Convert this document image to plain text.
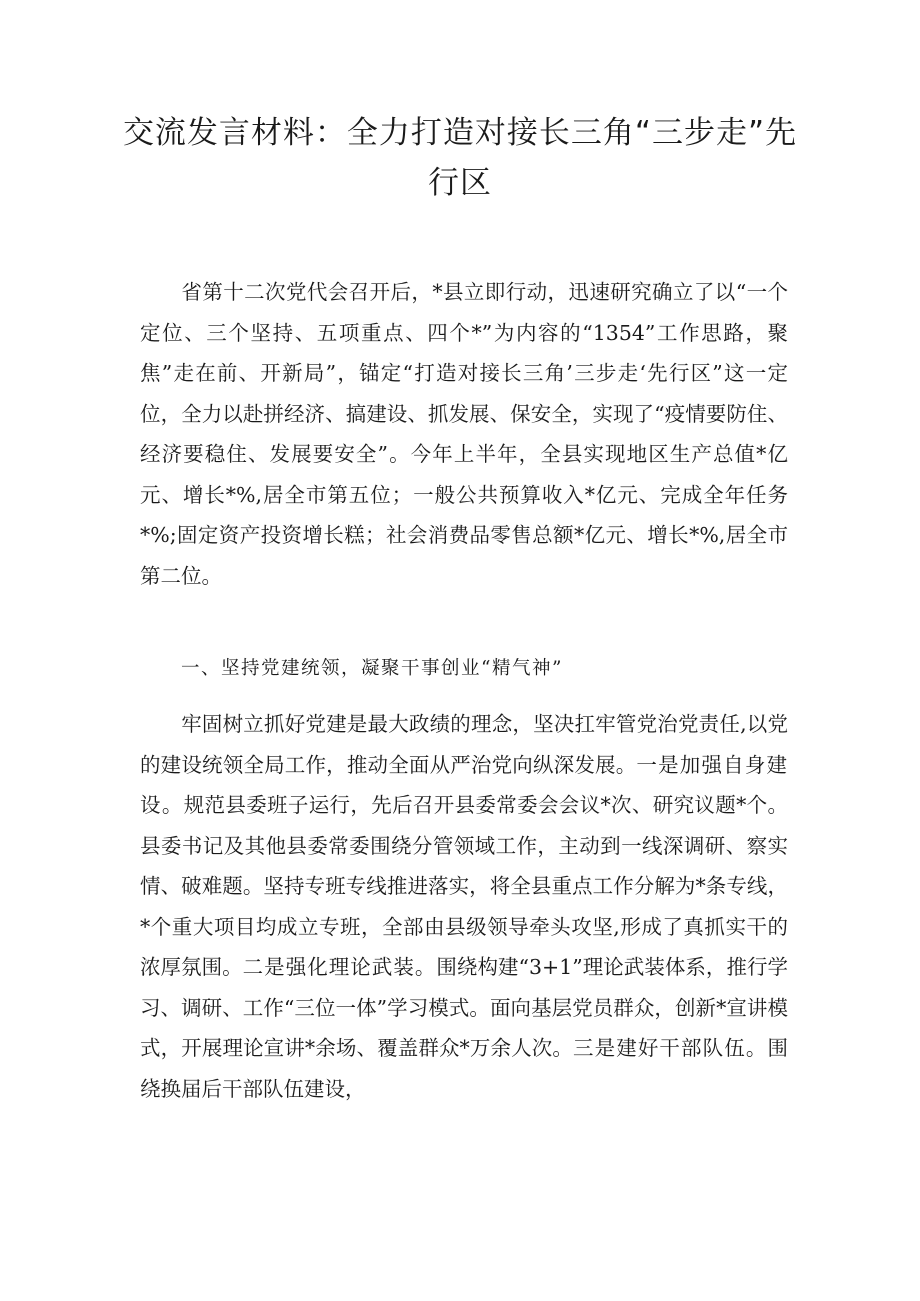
交流发言材料：全力打造对接长三角“三步走”先行区

省第十二次党代会召开后，*县立即行动，迅速研究确立了以“一个定位、三个坚持、五项重点、四个*”为内容的“1354”工作思路，聚焦”走在前、开新局”，锚定“打造对接长三角’三步走‘先行区”这一定位，全力以赴拼经济、搞建设、抓发展、保安全，实现了“疫情要防住、经济要稳住、发展要安全”。今年上半年，全县实现地区生产总值*亿元、增长*%,居全市第五位；一般公共预算收入*亿元、完成全年任务*%;固定资产投资增长糕；社会消费品零售总额*亿元、增长*%,居全市第二位。

一、坚持党建统领，凝聚干事创业“精气神”

牢固树立抓好党建是最大政绩的理念，坚决扛牢管党治党责任,以党的建设统领全局工作，推动全面从严治党向纵深发展。一是加强自身建设。规范县委班子运行，先后召开县委常委会会议*次、研究议题*个。县委书记及其他县委常委围绕分管领域工作，主动到一线深调研、察实情、破难题。坚持专班专线推进落实，将全县重点工作分解为*条专线，*个重大项目均成立专班，全部由县级领导牵头攻坚,形成了真抓实干的浓厚氛围。二是强化理论武装。围绕构建“3+1”理论武装体系，推行学习、调研、工作“三位一体”学习模式。面向基层党员群众，创新*宣讲模式，开展理论宣讲*余场、覆盖群众*万余人次。三是建好干部队伍。围绕换届后干部队伍建设，
